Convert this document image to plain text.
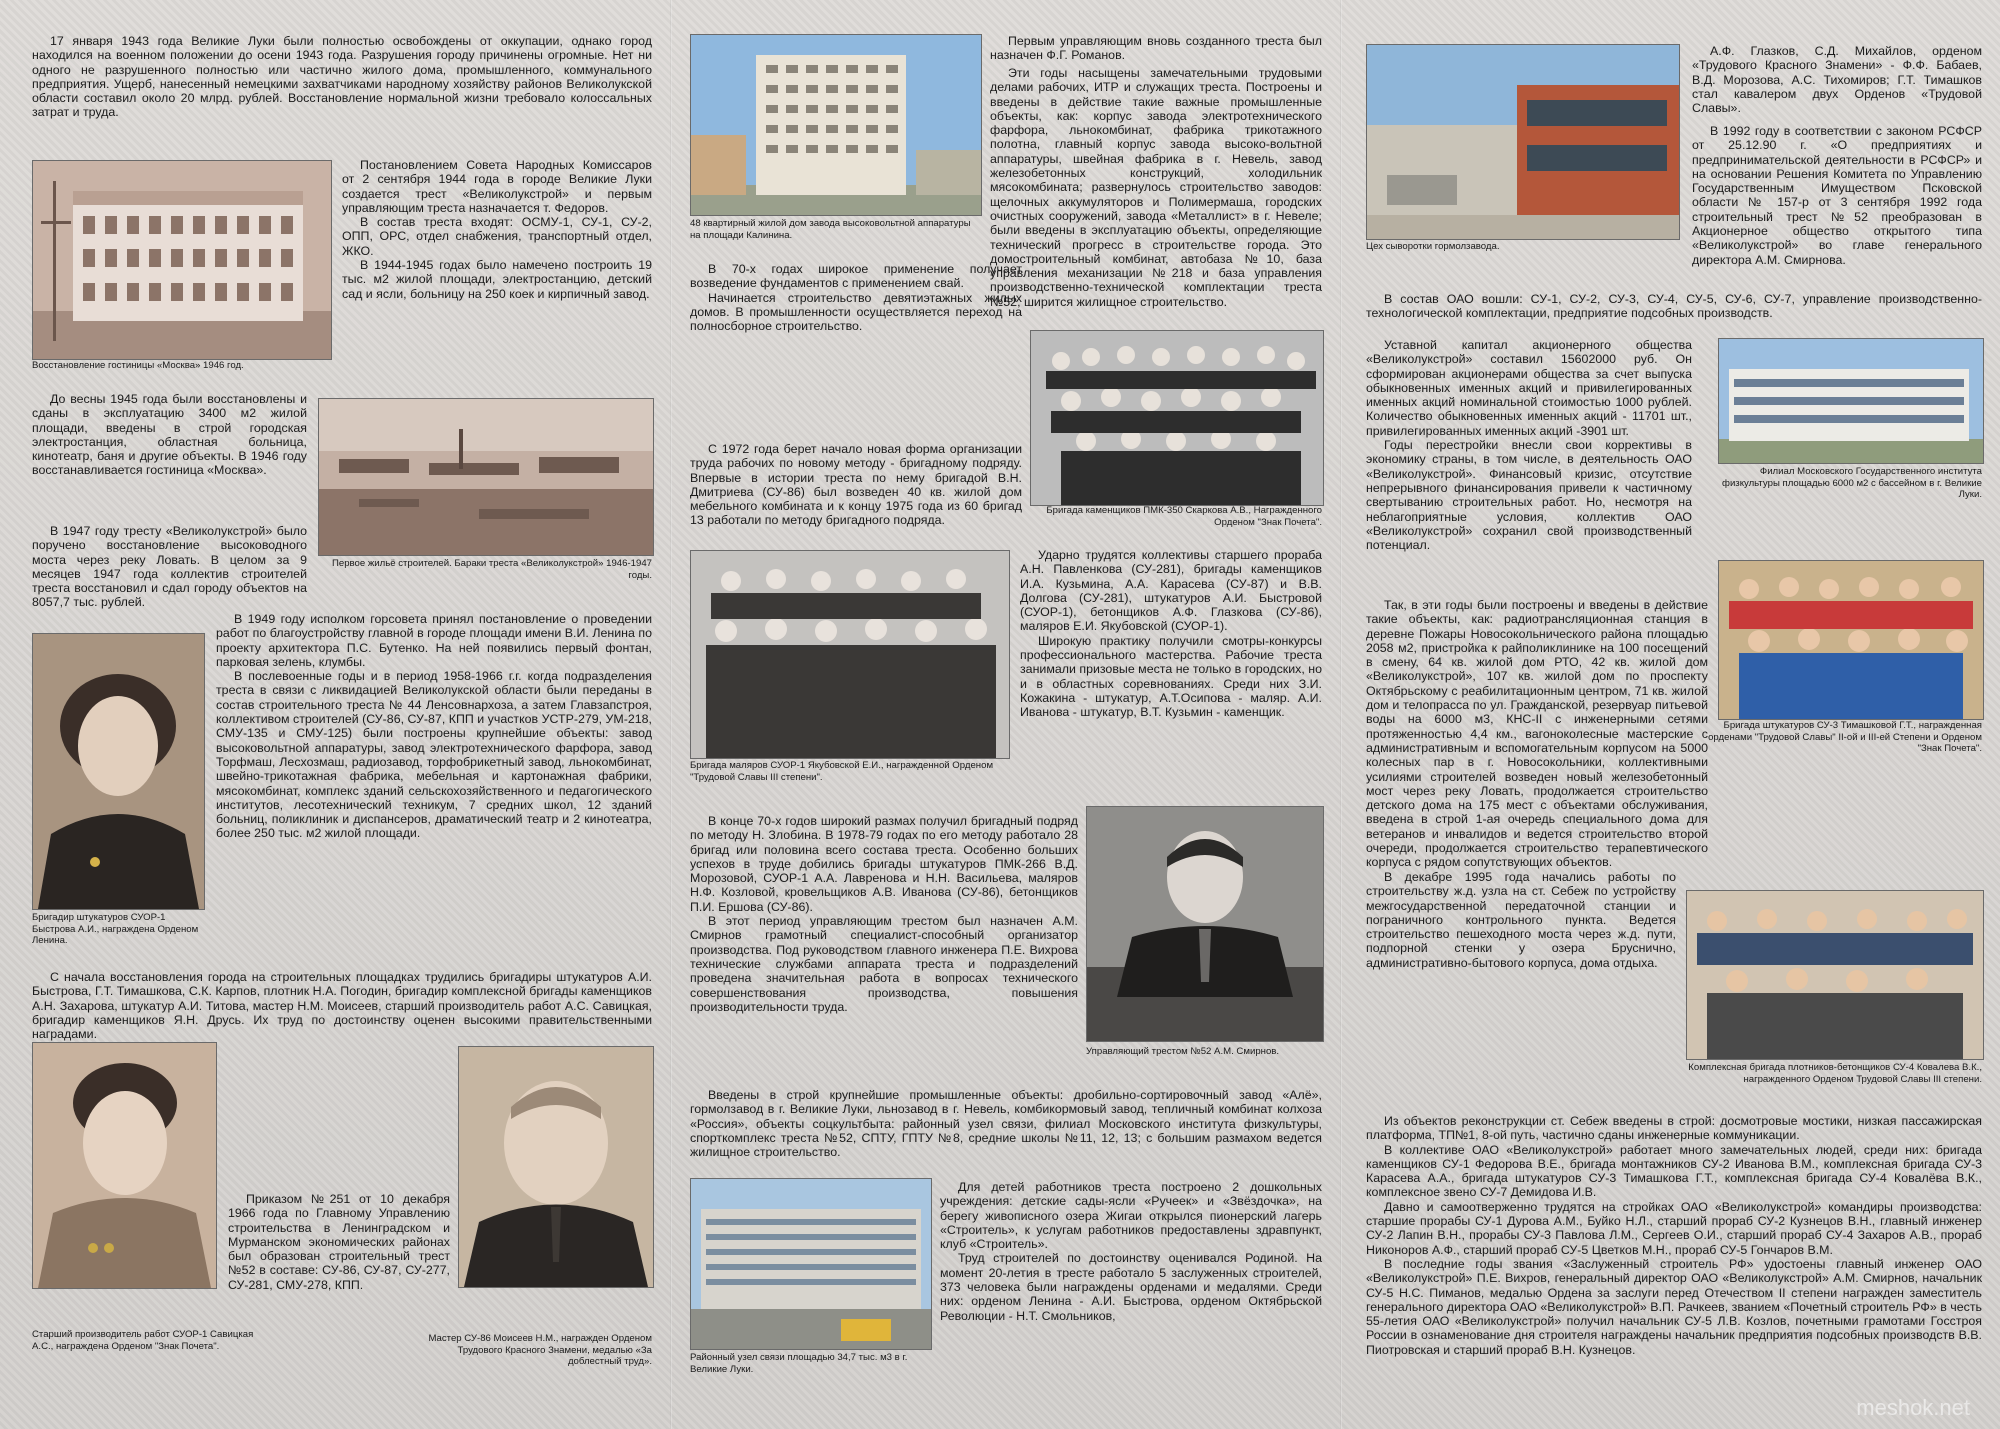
17 января 1943 года Великие Луки были полностью освобождены от оккупации, однако город находился на военном положении до осени 1943 года. Разрушения городу причинены огромные. Нет ни одного не разрушенного полностью или частично жилого дома, промышленного, коммунального предприятия. Ущерб, нанесенный немецкими захватчиками народному хозяйству районов Великолукской области составил около 20 млрд. рублей. Восстановление нормальной жизни требовало колоссальных затрат и труда.

Восстановление гостиницы «Москва» 1946 год.

Постановлением Совета Народных Комиссаров от 2 сентября 1944 года в городе Великие Луки создается трест «Великолукстрой» и первым управляющим треста назначается т. Федоров.

В состав треста входят: ОСМУ-1, СУ-1, СУ-2, ОПП, ОРС, отдел снабжения, транспортный отдел, ЖКО.

В 1944-1945 годах было намечено построить 19 тыс. м2 жилой площади, электростанцию, детский сад и ясли, больницу на 250 коек и кирпичный завод.

До весны 1945 года были восстановлены и сданы в эксплуатацию 3400 м2 жилой площади, введены в строй городская электростанция, областная больница, кинотеатр, баня и другие объекты. В 1946 году восстанавливается гостиница «Москва».

Первое жильё строителей. Бараки треста «Великолукстрой» 1946-1947 годы.

В 1947 году тресту «Великолукстрой» было поручено восстановление высоководного моста через реку Ловать. В целом за 9 месяцев 1947 года коллектив строителей треста восстановил и сдал городу объектов на 8057,7 тыс. рублей.

Бригадир штукатуров СУОР-1 Быстрова А.И., награждена Орденом Ленина.

В 1949 году исполком горсовета принял постановление о проведении работ по благоустройству главной в городе площади имени В.И. Ленина по проекту архитектора П.С. Бутенко. На ней появились первый фонтан, парковая зелень, клумбы.

В послевоенные годы и в период 1958-1966 г.г. когда подразделения треста в связи с ликвидацией Великолукской области были переданы в состав строительного треста № 44 Ленсовнархоза, а затем Главзапстроя, коллективом строителей (СУ-86, СУ-87, КПП и участков УСТР-279, УМ-218, СМУ-135 и СМУ-125) были построены крупнейшие объекты: завод высоковольтной аппаратуры, завод электротехнического фарфора, завод Торфмаш, Лесхозмаш, радиозавод, торфобрикетный завод, льнокомбинат, швейно-трикотажная фабрика, мебельная и картонажная фабрики, мясокомбинат, комплекс зданий сельскохозяйственного и педагогического институтов, лесотехнический техникум, 7 средних школ, 12 зданий больниц, поликлиник и диспансеров, драматический театр и 2 кинотеатра, более 250 тыс. м2 жилой площади.

С начала восстановления города на строительных площадках трудились бригадиры штукатуров А.И. Быстрова, Г.Т. Тимашкова, С.К. Карпов, плотник Н.А. Погодин, бригадир комплексной бригады каменщиков А.Н. Захарова, штукатур А.И. Титова, мастер Н.М. Моисеев, старший производитель работ А.С. Савицкая, бригадир каменщиков Я.Н. Друсь. Их труд по достоинству оценен высокими правительственными наградами.

Старший производитель работ СУОР-1 Савицкая А.С., награждена Орденом "Знак Почета".
Мастер СУ-86 Моисеев Н.М., награжден Орденом Трудового Красного Знамени, медалью «За доблестный труд».

Приказом №251 от 10 декабря 1966 года по Главному Управлению строительства в Ленинградском и Мурманском экономических районах был образован строительный трест №52 в составе: СУ-86, СУ-87, СУ-277, СУ-281, СМУ-278, КПП.

48 квартирный жилой дом завода высоковольтной аппаратуры на площади Калинина.

Первым управляющим вновь созданного треста был назначен Ф.Г. Романов.

Эти годы насыщены замечательными трудовыми делами рабочих, ИТР и служащих треста. Построены и введены в действие такие важные промышленные объекты, как: корпус завода электротехнического фарфора, льнокомбинат, фабрика трикотажного полотна, главный корпус завода высоко-вольтной аппаратуры, швейная фабрика в г. Невель, завод железобетонных конструкций, холодильник мясокомбината; развернулось строительство заводов: щелочных аккумуляторов и Полимермаша, городских очистных сооружений, завода «Металлист» в г. Невеле; были введены в эксплуатацию объекты, определяющие технический прогресс в строительстве города. Это домостроительный комбинат, автобаза №10, база управления механизации №218 и база управления производственно-технической комплектации треста №52, ширится жилищное строительство.

Бригада каменщиков ПМК-350 Скаркова А.В., Награжденного Орденом "Знак Почета".

В 70-х годах широкое применение получает возведение фундаментов с применением свай.

Начинается строительство девятиэтажных жилых домов. В промышленности осуществляется переход на полносборное строительство.

С 1972 года берет начало новая форма организации труда рабочих по новому методу - бригадному подряду. Впервые в истории треста по нему бригадой В.Н. Дмитриева (СУ-86) был возведен 40 кв. жилой дом мебельного комбината и к концу 1975 года из 60 бригад 13 работали по методу бригадного подряда.

Бригада маляров СУОР-1 Якубовской Е.И., награжденной Орденом "Трудовой Славы III степени".

Ударно трудятся коллективы старшего прораба А.Н. Павленкова (СУ-281), бригады каменщиков И.А. Кузьмина, А.А. Карасева (СУ-87) и В.В. Долгова (СУ-281), штукатуров А.И. Быстровой (СУОР-1), бетонщиков А.Ф. Глазкова (СУ-86), маляров Е.И. Якубовской (СУОР-1).

Широкую практику получили смотры-конкурсы профессионального мастерства. Рабочие треста занимали призовые места не только в городских, но и в областных соревнованиях. Среди них З.И. Кожакина - штукатур, А.Т.Осипова - маляр. А.И. Иванова - штукатур, В.Т. Кузьмин - каменщик.

В конце 70-х годов широкий размах получил бригадный подряд по методу Н. Злобина. В 1978-79 годах по его методу работало 28 бригад или половина всего состава треста. Особенно больших успехов в труде добились бригады штукатуров ПМК-266 В.Д. Морозовой, СУОР-1 А.А. Лавренова и Н.Н. Васильева, маляров Н.Ф. Козловой, кровельщиков А.В. Иванова (СУ-86), бетонщиков П.И. Ершова (СУ-86).

В этот период управляющим трестом был назначен А.М. Смирнов грамотный специалист-способный организатор производства. Под руководством главного инженера П.Е. Вихрова технические службами аппарата треста и подразделений проведена значительная работа в вопросах технического совершенствования производства, повышения производительности труда.

Управляющий трестом №52 А.М. Смирнов.

Введены в строй крупнейшие промышленные объекты: дробильно-сортировочный завод «Алё», гормолзавод в г. Великие Луки, льнозавод в г. Невель, комбикормовый завод, тепличный комбинат колхоза «Россия», объекты соцкультбыта: районный узел связи, филиал Московского института физкультуры, спорткомплекс треста №52, СПТУ, ГПТУ №8, средние школы №11, 12, 13; с большим размахом ведется жилищное строительство.

Районный узел связи площадью 34,7 тыс. м3 в г. Великие Луки.

Для детей работников треста построено 2 дошкольных учреждения: детские сады-ясли «Ручеек» и «Звёздочка», на берегу живописного озера Жигаи открылся пионерский лагерь «Строитель», к услугам работников предоставлены здравпункт, клуб «Строитель».

Труд строителей по достоинству оценивался Родиной. На момент 20-летия в тресте работало 5 заслуженных строителей, 373 человека были награждены орденами и медалями. Среди них: орденом Ленина - А.И. Быстрова, орденом Октябрьской Революции - Н.Т. Смольников,

Цех сыворотки гормолзавода.

А.Ф. Глазков, С.Д. Михайлов, орденом «Трудового Красного Знамени» - Ф.Ф. Бабаев, В.Д. Морозова, А.С. Тихомиров; Г.Т. Тимашков стал кавалером двух Орденов «Трудовой Славы».

В 1992 году в соответствии с законом РСФСР от 25.12.90 г. «О предприятиях и предпринимательской деятельности в РСФСР» и на основании Решения Комитета по Управлению Государственным Имуществом Псковской области № 157-р от 3 сентября 1992 года строительный трест №52 преобразован в Акционерное общество открытого типа «Великолукстрой» во главе генерального директора А.М. Смирнова.

В состав ОАО вошли: СУ-1, СУ-2, СУ-3, СУ-4, СУ-5, СУ-6, СУ-7, управление производственно-технологической комплектации, предприятие подсобных производств.

Уставной капитал акционерного общества «Великолукстрой» составил 15602000 руб. Он сформирован акционерами общества за счет выпуска обыкновенных именных акций и привилегированных именных акций номинальной стоимостью 1000 рублей. Количество обыкновенных именных акций - 11701 шт., привилегированных именных акций -3901 шт.

Годы перестройки внесли свои коррективы в экономику страны, в том числе, в деятельность ОАО «Великолукстрой». Финансовый кризис, отсутствие непрерывного финансирования привели к частичному свертыванию строительных работ. Но, несмотря на неблагоприятные условия, коллектив ОАО «Великолукстрой» сохранил свой производственный потенциал.

Филиал Московского Государственного института физкультуры площадью 6000 м2 с бассейном в г. Великие Луки.
Бригада штукатуров СУ-3 Тимашковой Г.Т., награжденная орденами "Трудовой Славы" II-ой и III-ей Степени и Орденом "Знак Почета".

Так, в эти годы были построены и введены в действие такие объекты, как: радиотрансляционная станция в деревне Пожары Новосокольнического района площадью 2058 м2, пристройка к райполиклинике на 100 посещений в смену, 64 кв. жилой дом РТО, 42 кв. жилой дом «Великолукстрой», 107 кв. жилой дом по проспекту Октябрьскому с реабилитационным центром, 71 кв. жилой дом и телопрасса по ул. Гражданской, резервуар питьевой воды на 6000 м3, КНС-II с инженерными сетями протяженностью 4,4 км., вагоноколесные мастерские с административным и вспомогательным корпусом на 5000 колесных пар в г. Новосокольники, коллективными усилиями строителей возведен новый железобетонный мост через реку Ловать, продолжается строительство детского дома на 175 мест с объектами обслуживания, введена в строй 1-ая очередь специального дома для ветеранов и инвалидов и ведется строительство второй очереди, продолжается строительство терапевтического корпуса с рядом сопутствующих объектов.

Комплексная бригада плотников-бетонщиков СУ-4 Ковалева В.К., награжденного Орденом Трудовой Славы III степени.

В декабре 1995 года начались работы по строительству ж.д. узла на ст. Себеж по устройству межгосударственной передаточной станции и пограничного контрольного пункта. Ведется строительство пешеходного моста через ж.д. пути, подпорной стенки у озера Бруснично, административно-бытового корпуса, дома отдыха.

Из объектов реконструкции ст. Себеж введены в строй: досмотровые мостики, низкая пассажирская платформа, ТП№1, 8-ой путь, частично сданы инженерные коммуникации.

В коллективе ОАО «Великолукстрой» работает много замечательных людей, среди них: бригада каменщиков СУ-1 Федорова В.Е., бригада монтажников СУ-2 Иванова В.М., комплексная бригада СУ-3 Карасева А.А., бригада штукатуров СУ-3 Тимашкова Г.Т., комплексная бригада СУ-4 Ковалёва В.К., комплексное звено СУ-7 Демидова И.В.

Давно и самоотверженно трудятся на стройках ОАО «Великолукстрой» командиры производства: старшие прорабы СУ-1 Дурова А.М., Буйко Н.Л., старший прораб СУ-2 Кузнецов В.Н., главный инженер СУ-2 Лапин В.Н., прорабы СУ-3 Павлова Л.М., Сергеев О.И., старший прораб СУ-4 Захаров А.В., прораб Никоноров А.Ф., старший прораб СУ-5 Цветков М.Н., прораб СУ-5 Гончаров В.М.

В последние годы звания «Заслуженный строитель РФ» удостоены главный инженер ОАО «Великолукстрой» П.Е. Вихров, генеральный директор ОАО «Великолукстрой» А.М. Смирнов, начальник СУ-5 Н.С. Пиманов, медалью Ордена за заслуги перед Отечеством II степени награжден заместитель генерального директора ОАО «Великолукстрой» В.П. Рачкеев, званием «Почетный строитель РФ» в честь 55-летия ОАО «Великолукстрой» получил начальник СУ-5 Л.В. Козлов, почетными грамотами Госстроя России в ознаменование дня строителя награждены начальник предприятия подсобных производств В.В. Пиотровская и старший прораб В.Н. Кузнецов.

meshok.net
